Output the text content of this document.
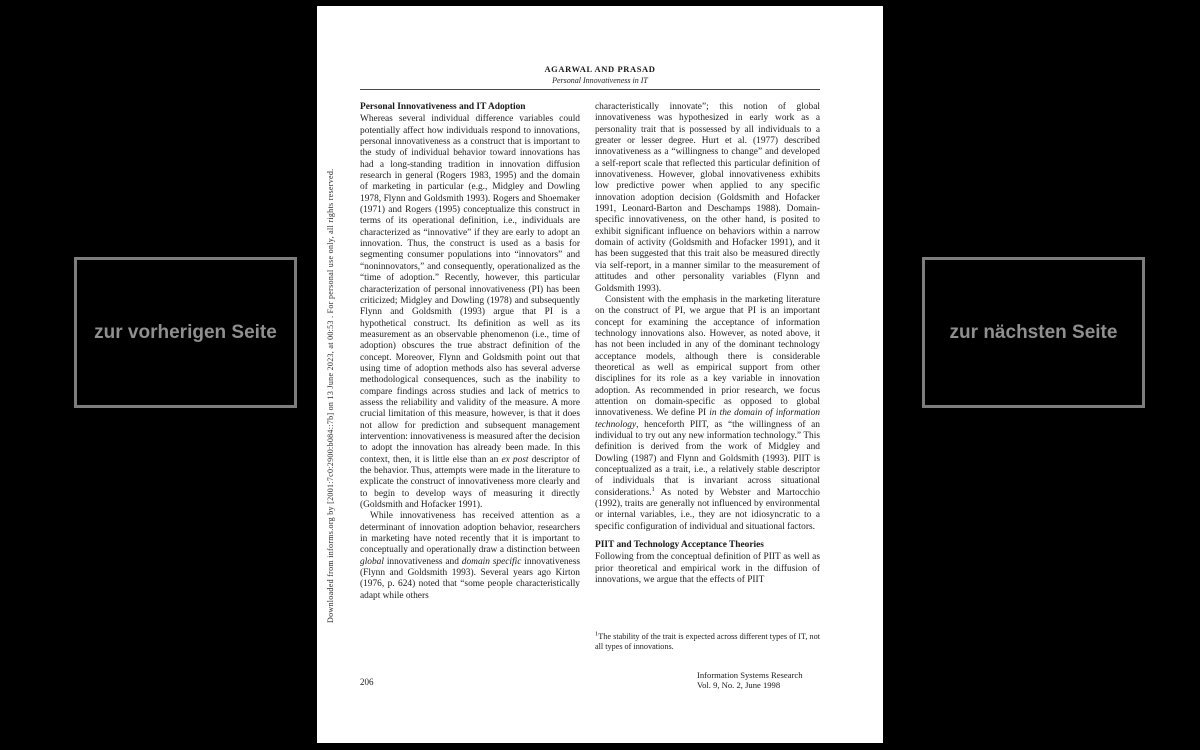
zur vorherigen Seite	Downloaded from informs.org by [2001:7c0:2900:b084::7b] on 13 June 2023, at 00:53 . For personal use only, all rights reserved.
AGARWAL AND PRASAD
Personal Innovativeness in IT
Personal Innovativeness and IT Adoption

Whereas several individual difference variables could potentially affect how individuals respond to innovations, personal innovativeness as a construct that is important to the study of individual behavior toward innovations has had a long-standing tradition in innovation diffusion research in general (Rogers 1983, 1995) and the domain of marketing in particular (e.g., Midgley and Dowling 1978, Flynn and Goldsmith 1993). Rogers and Shoemaker (1971) and Rogers (1995) conceptualize this construct in terms of its operational definition, i.e., individuals are characterized as “innovative” if they are early to adopt an innovation. Thus, the construct is used as a basis for segmenting consumer populations into “innovators” and “noninnovators,” and consequently, operationalized as the “time of adoption.” Recently, however, this particular characterization of personal innovativeness (PI) has been criticized; Midgley and Dowling (1978) and subsequently Flynn and Goldsmith (1993) argue that PI is a hypothetical construct. Its definition as well as its measurement as an observable phenomenon (i.e., time of adoption) obscures the true abstract definition of the concept. Moreover, Flynn and Goldsmith point out that using time of adoption methods also has several adverse methodological consequences, such as the inability to compare findings across studies and lack of metrics to assess the reliability and validity of the measure. A more crucial limitation of this measure, however, is that it does not allow for prediction and subsequent management intervention: innovativeness is measured after the decision to adopt the innovation has already been made. In this context, then, it is little else than an ex post descriptor of the behavior. Thus, attempts were made in the literature to explicate the construct of innovativeness more clearly and to begin to develop ways of measuring it directly (Goldsmith and Hofacker 1991).

While innovativeness has received attention as a determinant of innovation adoption behavior, researchers in marketing have noted recently that it is important to conceptually and operationally draw a distinction between global innovativeness and domain specific innovativeness (Flynn and Goldsmith 1993). Several years ago Kirton (1976, p. 624) noted that “some people characteristically adapt while others

characteristically innovate”; this notion of global innovativeness was hypothesized in early work as a personality trait that is possessed by all individuals to a greater or lesser degree. Hurt et al. (1977) described innovativeness as a “willingness to change” and developed a self-report scale that reflected this particular definition of innovativeness. However, global innovativeness exhibits low predictive power when applied to any specific innovation adoption decision (Goldsmith and Hofacker 1991, Leonard-Barton and Deschamps 1988). Domain-specific innovativeness, on the other hand, is posited to exhibit significant influence on behaviors within a narrow domain of activity (Goldsmith and Hofacker 1991), and it has been suggested that this trait also be measured directly via self-report, in a manner similar to the measurement of attitudes and other personality variables (Flynn and Goldsmith 1993).

Consistent with the emphasis in the marketing literature on the construct of PI, we argue that PI is an important concept for examining the acceptance of information technology innovations also. However, as noted above, it has not been included in any of the dominant technology acceptance models, although there is considerable theoretical as well as empirical support from other disciplines for its role as a key variable in innovation adoption. As recommended in prior research, we focus attention on domain-specific as opposed to global innovativeness. We define PI in the domain of information technology, henceforth PIIT, as “the willingness of an individual to try out any new information technology.” This definition is derived from the work of Midgley and Dowling (1987) and Flynn and Goldsmith (1993). PIIT is conceptualized as a trait, i.e., a relatively stable descriptor of individuals that is invariant across situational considerations.$^1$ As noted by Webster and Martocchio (1992), traits are generally not influenced by environmental or internal variables, i.e., they are not idiosyncratic to a specific configuration of individual and situational factors.

PIIT and Technology Acceptance Theories

Following from the conceptual definition of PIIT as well as prior theoretical and empirical work in the diffusion of innovations, we argue that the effects of PIIT

$^1$The stability of the trait is expected across different types of IT, not all types of innovations.
206
Information Systems Research
Vol. 9, No. 2, June 1998
zur nächsten Seite
